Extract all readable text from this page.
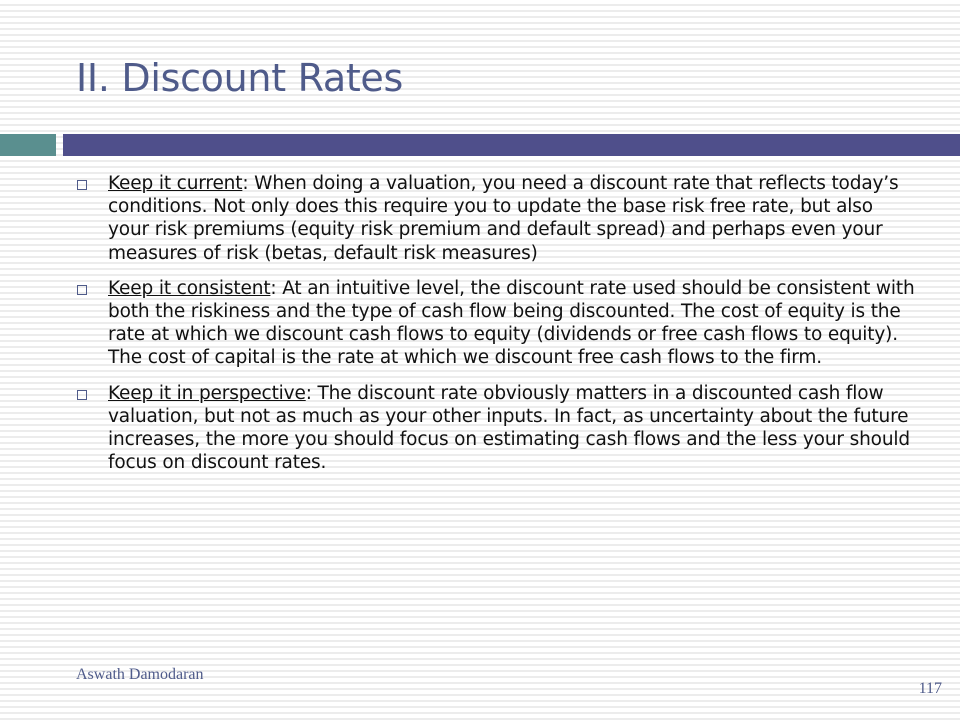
II. Discount Rates
Keep it current: When doing a valuation, you need a discount rate that reflects today’s conditions. Not only does this require you to update the base risk free rate, but also your risk premiums (equity risk premium and default spread) and perhaps even your measures of risk (betas, default risk measures)
Keep it consistent: At an intuitive level, the discount rate used should be consistent with both the riskiness and the type of cash flow being discounted. The cost of equity is the rate at which we discount cash flows to equity (dividends or free cash flows to equity). The cost of capital is the rate at which we discount free cash flows to the firm.
Keep it in perspective: The discount rate obviously matters in a discounted cash flow valuation, but not as much as your other inputs. In fact, as uncertainty about the future increases, the more you should focus on estimating cash flows and the less your should focus on discount rates.
Aswath Damodaran
117
